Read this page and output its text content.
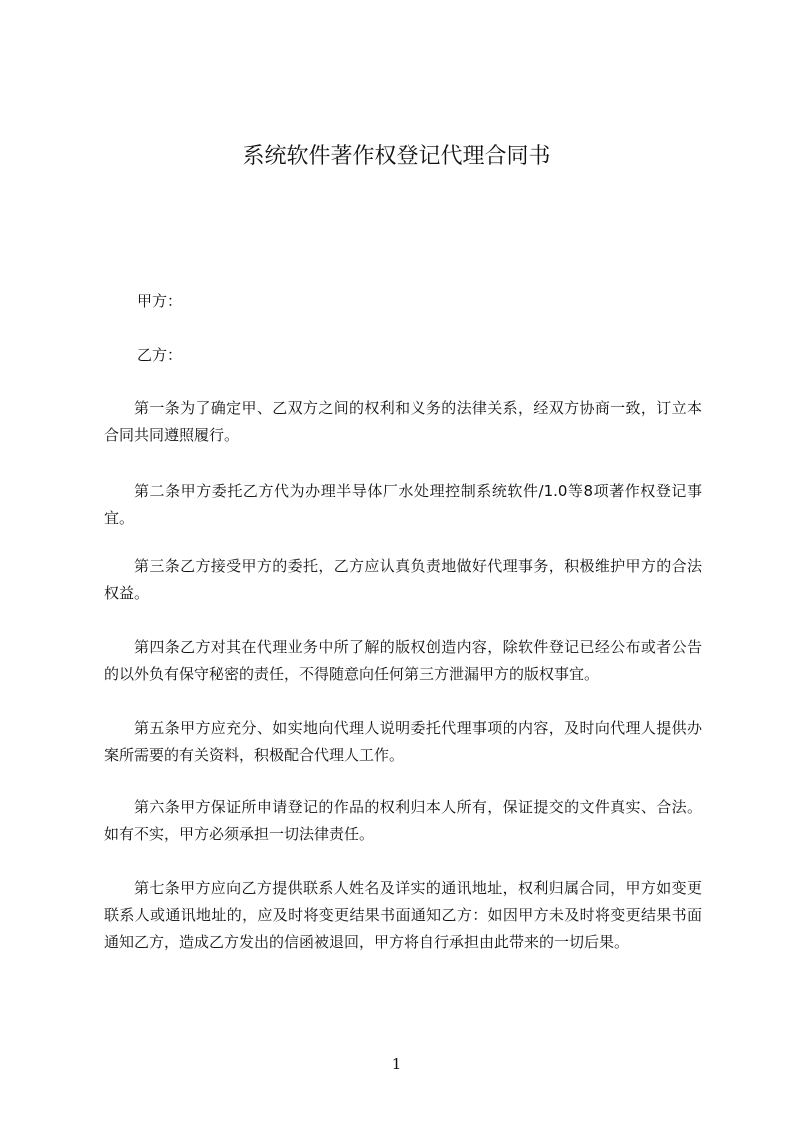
系统软件著作权登记代理合同书

甲方：

乙方：

第一条为了确定甲、乙双方之间的权利和义务的法律关系，经双方协商一致，订立本合同共同遵照履行。

第二条甲方委托乙方代为办理半导体厂水处理控制系统软件/1.0等8项著作权登记事宜。

第三条乙方接受甲方的委托，乙方应认真负责地做好代理事务，积极维护甲方的合法权益。

第四条乙方对其在代理业务中所了解的版权创造内容，除软件登记已经公布或者公告的以外负有保守秘密的责任，不得随意向任何第三方泄漏甲方的版权事宜。

第五条甲方应充分、如实地向代理人说明委托代理事项的内容，及时向代理人提供办案所需要的有关资料，积极配合代理人工作。

第六条甲方保证所申请登记的作品的权利归本人所有，保证提交的文件真实、合法。如有不实，甲方必须承担一切法律责任。

第七条甲方应向乙方提供联系人姓名及详实的通讯地址，权利归属合同，甲方如变更联系人或通讯地址的，应及时将变更结果书面通知乙方：如因甲方未及时将变更结果书面通知乙方，造成乙方发出的信函被退回，甲方将自行承担由此带来的一切后果。

1
